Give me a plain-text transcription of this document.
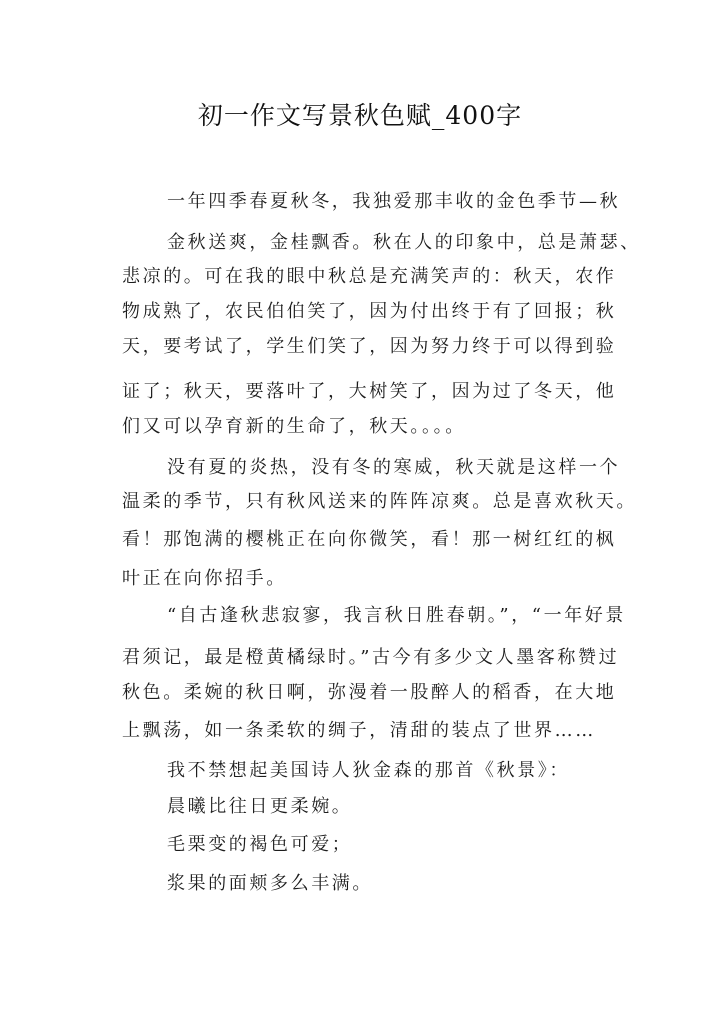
初一作文写景秋色赋_400字
一年四季春夏秋冬，我独爱那丰收的金色季节—秋
金秋送爽，金桂飘香。秋在人的印象中，总是萧瑟、
悲凉的。可在我的眼中秋总是充满笑声的：秋天，农作
物成熟了，农民伯伯笑了，因为付出终于有了回报；秋
天，要考试了，学生们笑了，因为努力终于可以得到验
证了；秋天，要落叶了，大树笑了，因为过了冬天，他
们又可以孕育新的生命了，秋天。。。。
没有夏的炎热，没有冬的寒威，秋天就是这样一个
温柔的季节，只有秋风送来的阵阵凉爽。总是喜欢秋天。
看！那饱满的樱桃正在向你微笑，看！那一树红红的枫
叶正在向你招手。
“自古逢秋悲寂寥，我言秋日胜春朝。”，“一年好景
君须记，最是橙黄橘绿时。”古今有多少文人墨客称赞过
秋色。柔婉的秋日啊，弥漫着一股醉人的稻香，在大地
上飘荡，如一条柔软的绸子，清甜的装点了世界……
我不禁想起美国诗人狄金森的那首《秋景》：
晨曦比往日更柔婉。
毛栗变的褐色可爱；
浆果的面颊多么丰满。
